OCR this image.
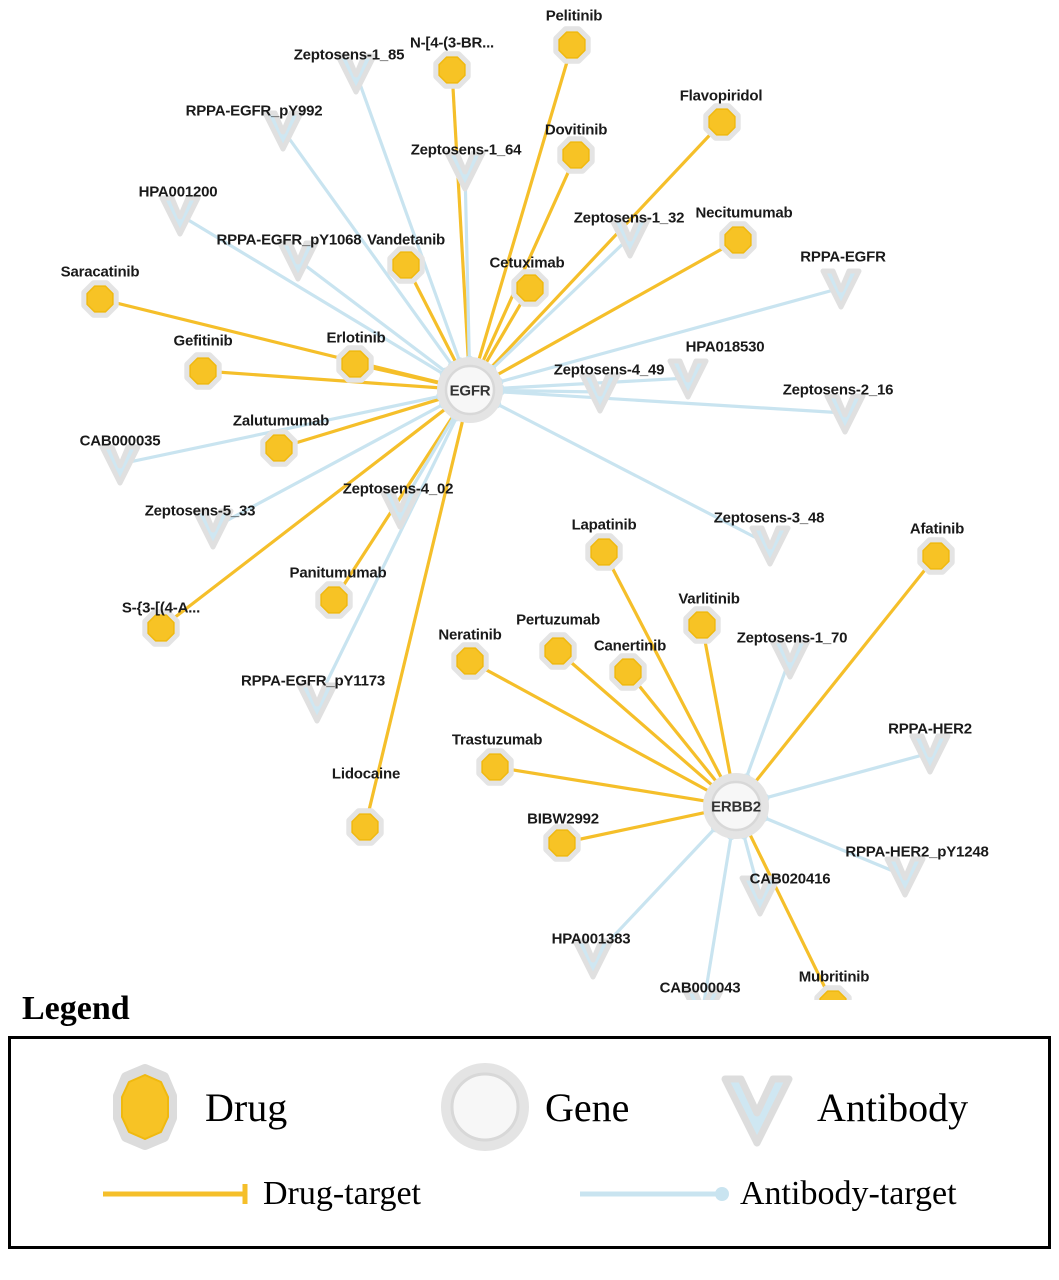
Pelitinib
N-[4-(3-BR...
Flavopiridol
Dovitinib
Necitumumab
Vandetanib
Cetuximab
Saracatinib
Erlotinib
Gefitinib
Zalutumumab
Lapatinib	Afatinib
Panitumumab
Varlitinib
S-{3-[(4-A...
Pertuzumab
Neratinib
Canertinib
Trastuzumab
Lidocaine
BIBW2992
Mubritinib
Zeptosens-1_85
RPPA-EGFR_pY992
Zeptosens-1_64
HPA001200
Zeptosens-1_32
RPPA-EGFR_pY1068
RPPA-EGFR
HPA018530
Zeptosens-4_49
Zeptosens-2_16
CAB000035
Zeptosens-4_02
Zeptosens-5_33	Zeptosens-3_48
Zeptosens-1_70
RPPA-EGFR_pY1173
RPPA-HER2
RPPA-HER2_pY1248
CAB020416
HPA001383
CAB000043
EGFR
ERBB2
Legend
Drug	Gene	Antibody
Drug-target	Antibody-target
